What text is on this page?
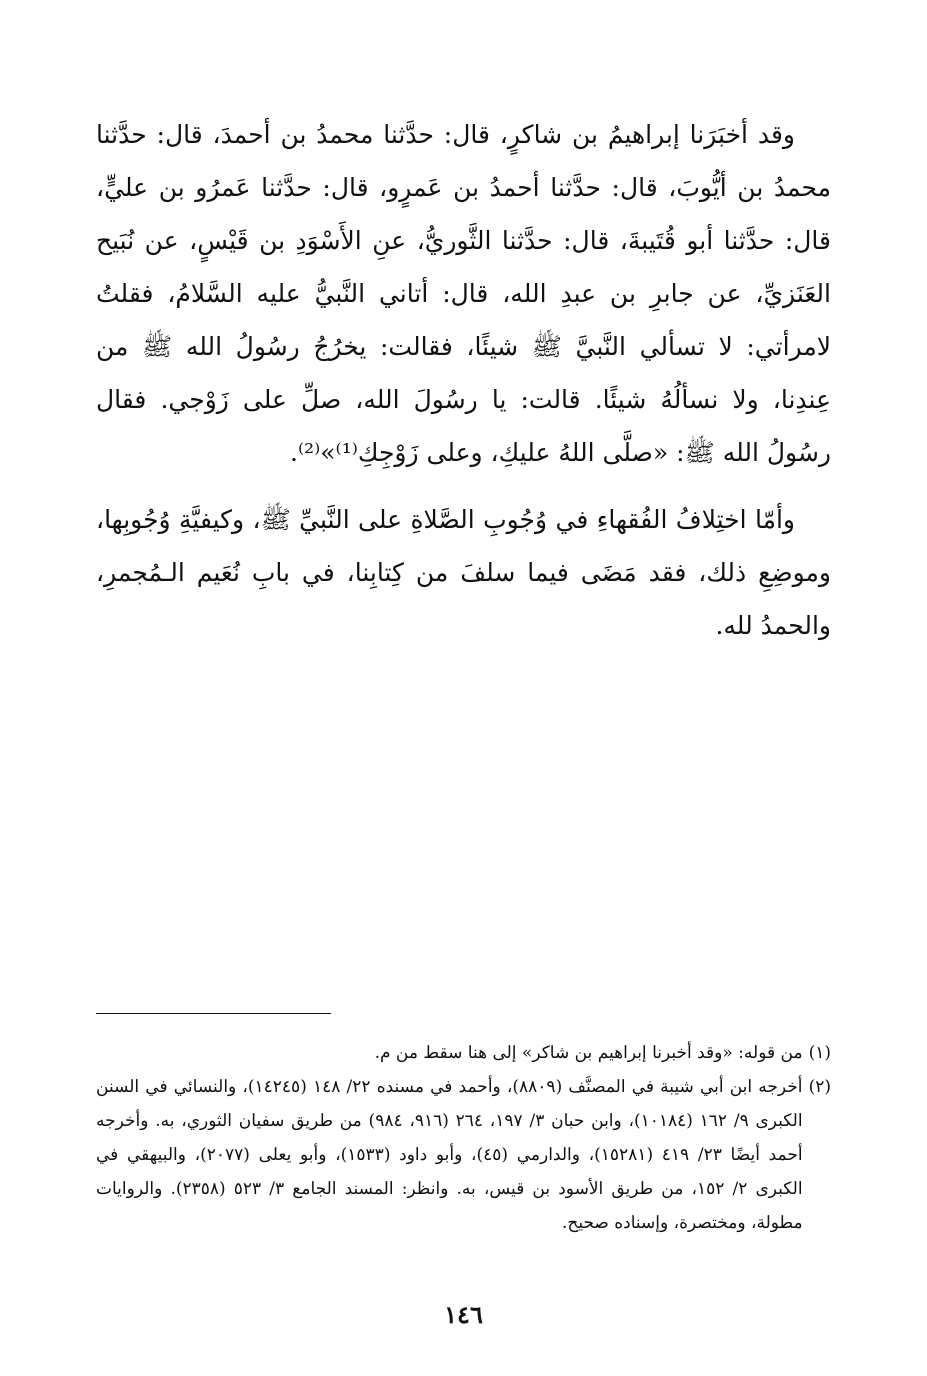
وقد أخبَرَنا إبراهيمُ بن شاكرٍ، قال: حدَّثنا محمدُ بن أحمدَ، قال: حدَّثنا محمدُ بن أيُّوبَ، قال: حدَّثنا أحمدُ بن عَمرٍو، قال: حدَّثنا عَمرُو بن عليٍّ، قال: حدَّثنا أبو قُتَيبةَ، قال: حدَّثنا الثَّوريُّ، عنِ الأَسْوَدِ بن قَيْسٍ، عن نُبَيح العَنَزيِّ، عن جابرِ بن عبدِ الله، قال: أتاني النَّبيُّ عليه السَّلامُ، فقلتُ لامرأتي: لا تسألي النَّبيَّ ﷺ شيئًا، فقالت: يخرُجُ رسُولُ الله ﷺ من عِندِنا، ولا نسألُهُ شيئًا. قالت: يا رسُولَ الله، صلِّ على زَوْجي. فقال رسُولُ الله ﷺ: «صلَّى اللهُ عليكِ، وعلى زَوْجِكِ⁽¹⁾»⁽²⁾.

وأمّا اختِلافُ الفُقهاءِ في وُجُوبِ الصَّلاةِ على النَّبيِّ ﷺ، وكيفيَّةِ وُجُوبِها، وموضِعِ ذلك، فقد مَضَى فيما سلفَ من كِتابِنا، في بابِ نُعَيم الـمُجمرِ، والحمدُ لله.

(١)
من قوله: «وقد أخبرنا إبراهيم بن شاكر» إلى هنا سقط من م.
(٢)
أخرجه ابن أبي شيبة في المصنَّف (٨٨٠٩)، وأحمد في مسنده ٢٢/ ١٤٨ (١٤٢٤٥)، والنسائي في السنن الكبرى ٩/ ١٦٢ (١٠١٨٤)، وابن حبان ٣/ ١٩٧، ٢٦٤ (٩١٦، ٩٨٤) من طريق سفيان الثوري، به. وأخرجه أحمد أيضًا ٢٣/ ٤١٩ (١٥٢٨١)، والدارمي (٤٥)، وأبو داود (١٥٣٣)، وأبو يعلى (٢٠٧٧)، والبيهقي في الكبرى ٢/ ١٥٢، من طريق الأسود بن قيس، به. وانظر: المسند الجامع ٣/ ٥٢٣ (٢٣٥٨). والروايات مطولة، ومختصرة، وإسناده صحيح.
١٤٦
